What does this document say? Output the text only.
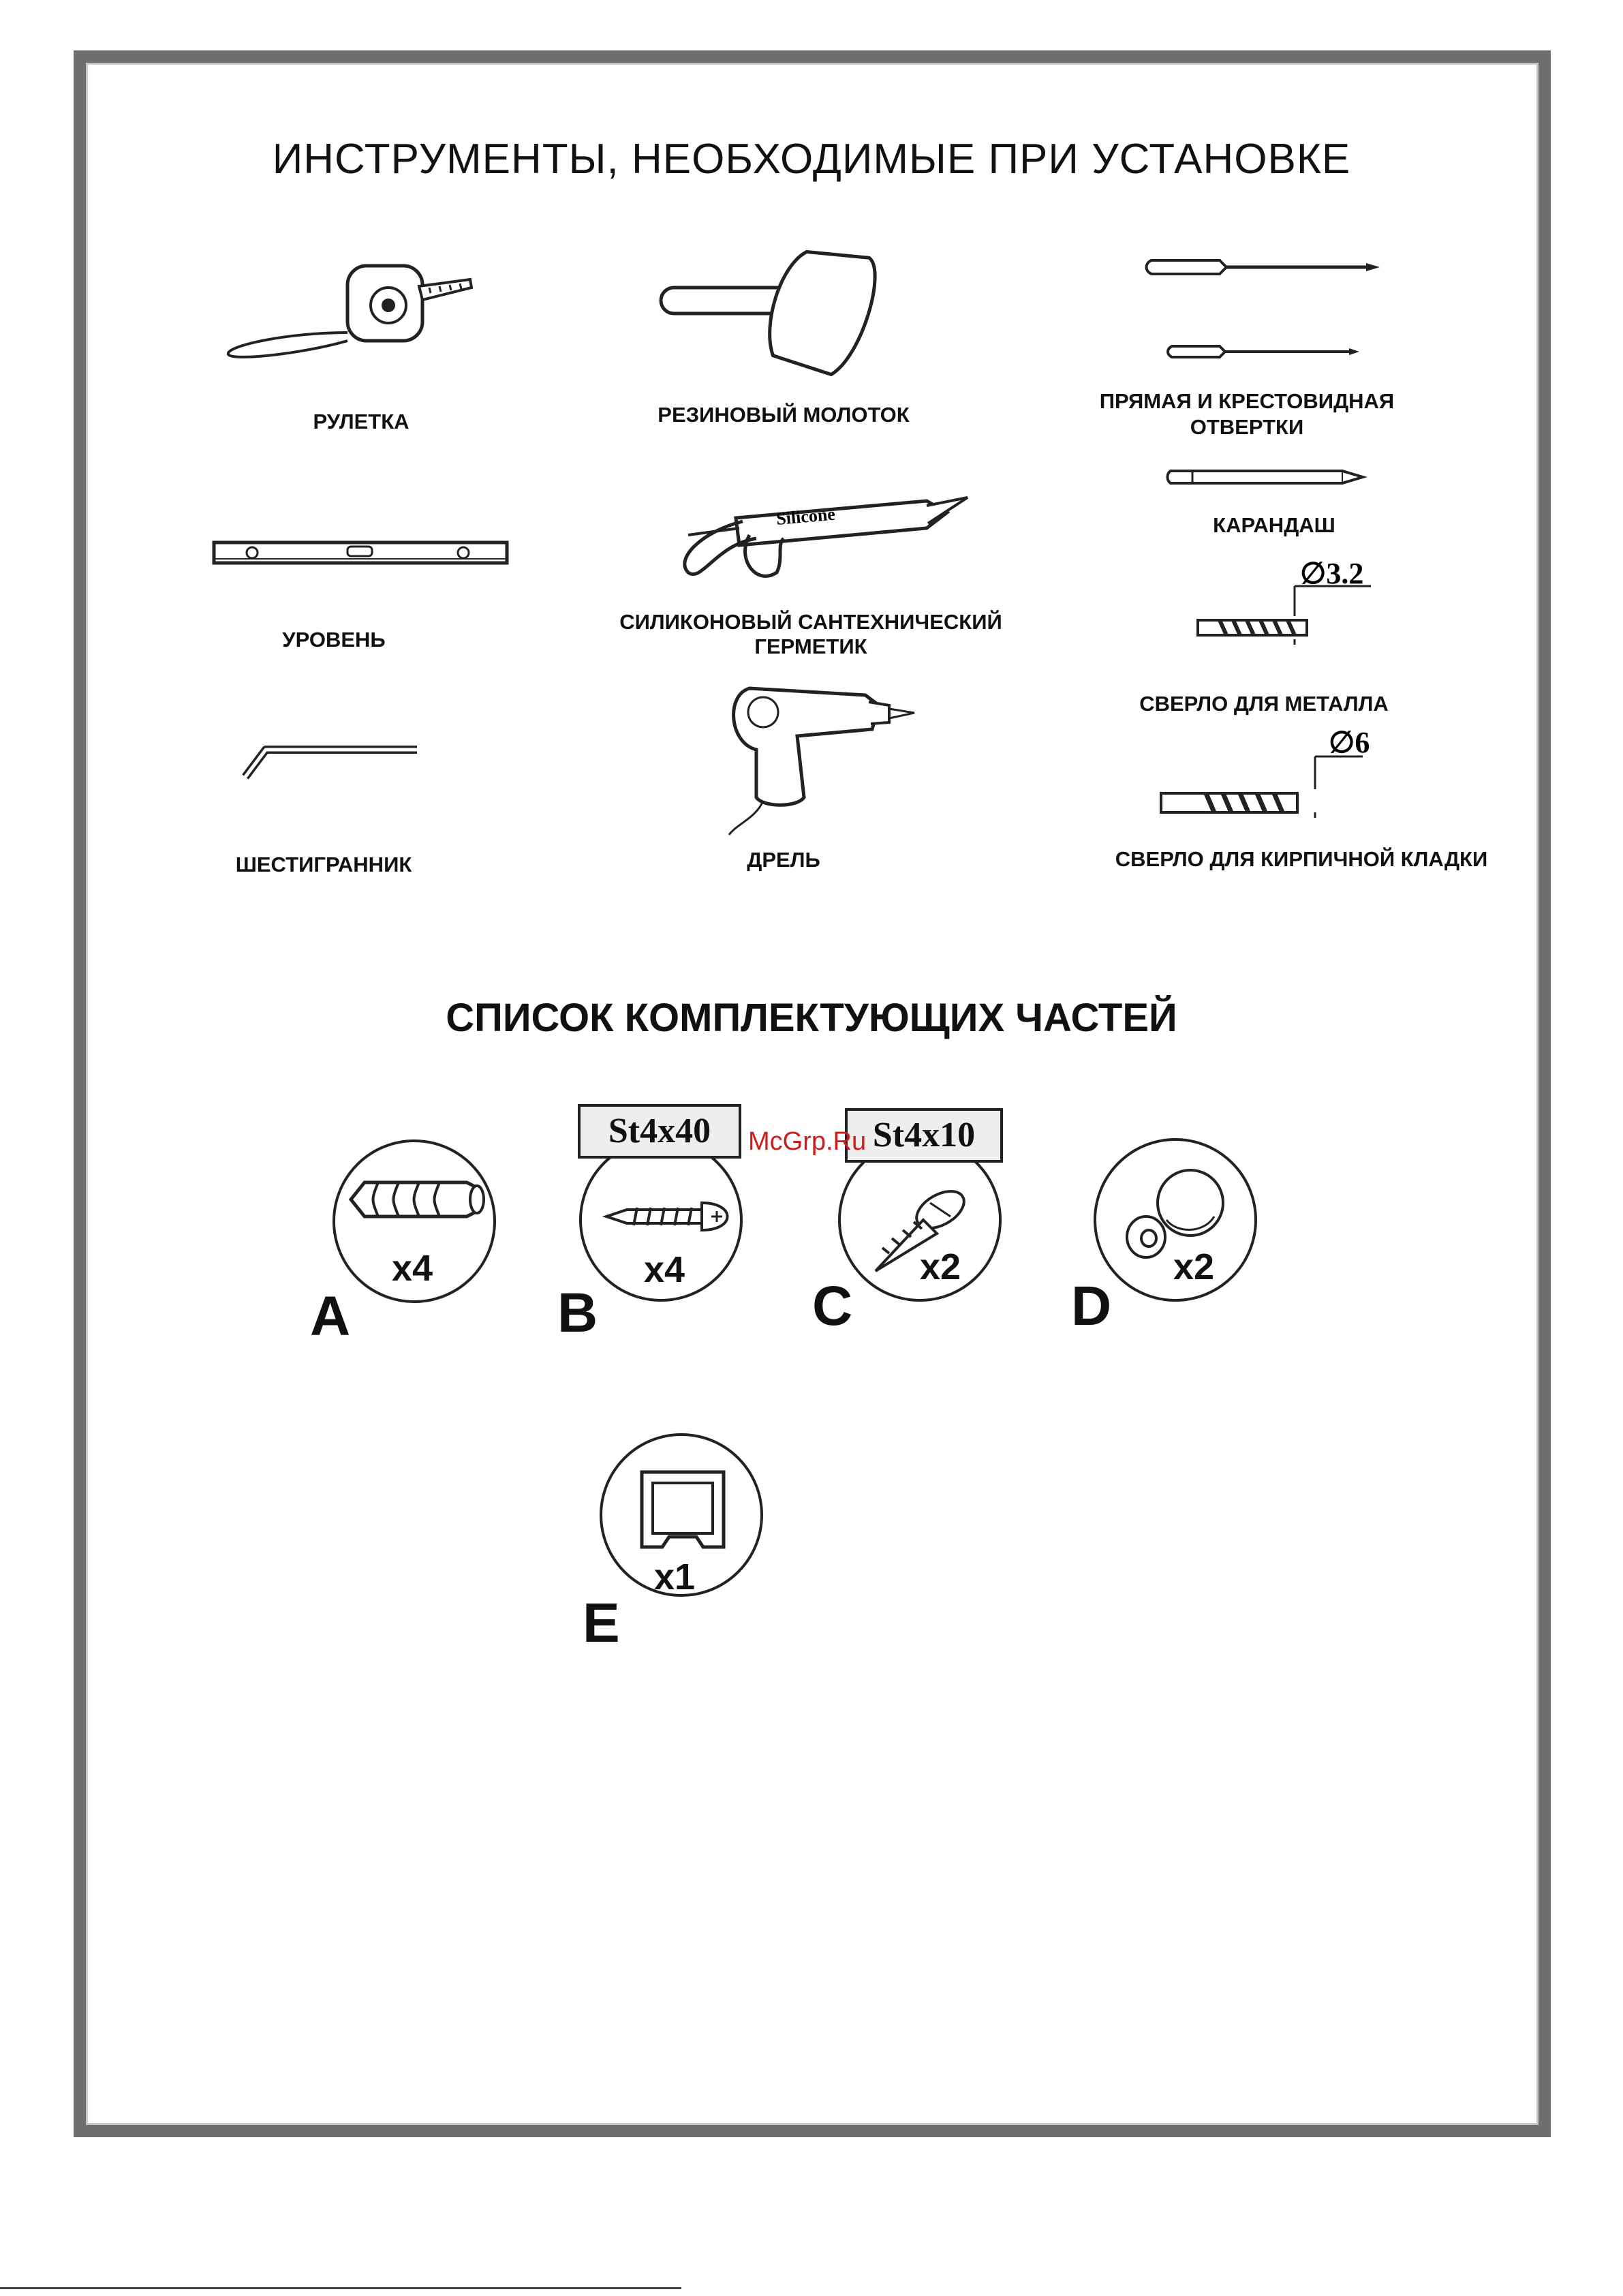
ИНСТРУМЕНТЫ, НЕОБХОДИМЫЕ ПРИ УСТАНОВКЕ
РУЛЕТКА	РЕЗИНОВЫЙ МОЛОТОК
ПРЯМАЯ И КРЕСТОВИДНАЯ ОТВЕРТКИ
УРОВЕНЬ
Silicone
СИЛИКОНОВЫЙ САНТЕХНИЧЕСКИЙ ГЕРМЕТИК
КАРАНДАШ
∅3.2
СВЕРЛО ДЛЯ МЕТАЛЛА
ШЕСТИГРАННИК	ДРЕЛЬ
∅6
СВЕРЛО ДЛЯ КИРПИЧНОЙ КЛАДКИ
СПИСОК КОМПЛЕКТУЮЩИХ ЧАСТЕЙ
x4
A
St4x40
x4
B
St4x10
x2
C
x2
D
x1
E
McGrp.Ru
